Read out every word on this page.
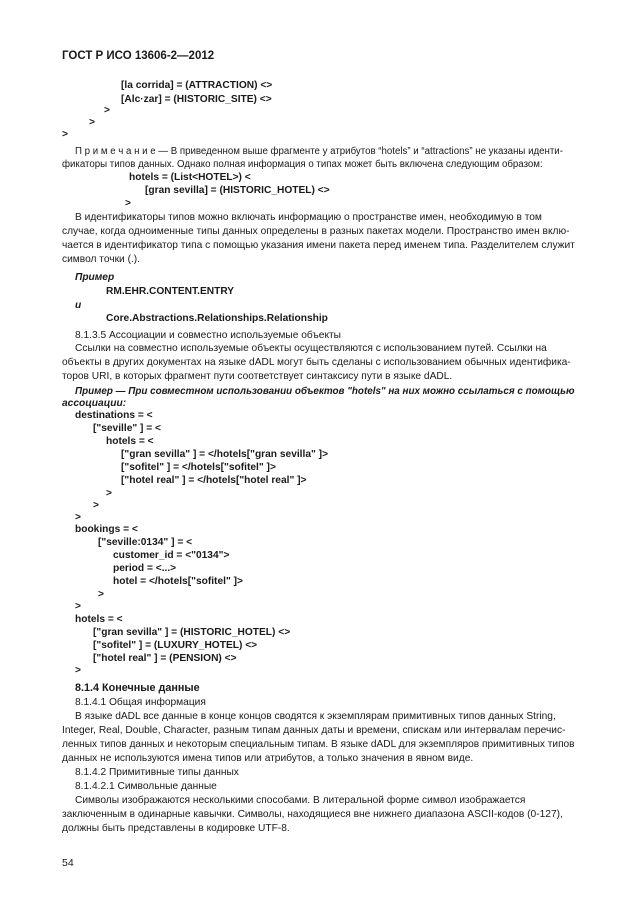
ГОСТ Р ИСО 13606-2—2012
[la corrida] = (ATTRACTION) <>
[Alc·zar] = (HISTORIC_SITE) <>
>
>
>
П р и м е ч а н и е — В приведенном выше фрагменте у атрибутов “hotels” и “attractions” не указаны иденти-
фикаторы типов данных. Однако полная информация о типах может быть включена следующим образом:
hotels = (List<HOTEL>) <
[gran sevilla] = (HISTORIC_HOTEL) <>
>
В идентификаторы типов можно включать информацию о пространстве имен, необходимую в том
случае, когда одноименные типы данных определены в разных пакетах модели. Пространство имен вклю-
чается в идентификатор типа с помощью указания имени пакета перед именем типа. Разделителем служит
символ точки (.).
Пример
RM.EHR.CONTENT.ENTRY
и
Core.Abstractions.Relationships.Relationship
8.1.3.5 Ассоциации и совместно используемые объекты
Ссылки на совместно используемые объекты осуществляются с использованием путей. Ссылки на
объекты в других документах на языке dADL могут быть сделаны с использованием обычных идентифика-
торов URI, в которых фрагмент пути соответствует синтаксису пути в языке dADL.
Пример — При совместном использовании объектов "hotels" на них можно ссылаться с помощью
ассоциации:
destinations = <
["seville" ] = <
hotels = <
["gran sevilla" ] = </hotels["gran sevilla" ]>
["sofitel" ] = </hotels["sofitel" ]>
["hotel real" ] = </hotels["hotel real" ]>
>
>
>
bookings = <
["seville:0134" ] = <
customer_id = <"0134">
period = <...>
hotel = </hotels["sofitel" ]>
>
>
hotels = <
["gran sevilla" ] = (HISTORIC_HOTEL) <>
["sofitel" ] = (LUXURY_HOTEL) <>
["hotel real" ] = (PENSION) <>
>
8.1.4 Конечные данные
8.1.4.1 Общая информация
В языке dADL все данные в конце концов сводятся к экземплярам примитивных типов данных String,
Integer, Real, Double, Character, разным типам данных даты и времени, спискам или интервалам перечис-
ленных типов данных и некоторым специальным типам. В языке dADL для экземпляров примитивных типов
данных не используются имена типов или атрибутов, а только значения в явном виде.
8.1.4.2 Примитивные типы данных
8.1.4.2.1 Символьные данные
Символы изображаются несколькими способами. В литеральной форме символ изображается
заключенным в одинарные кавычки. Символы, находящиеся вне нижнего диапазона ASCII-кодов (0-127),
должны быть представлены в кодировке UTF-8.
54
